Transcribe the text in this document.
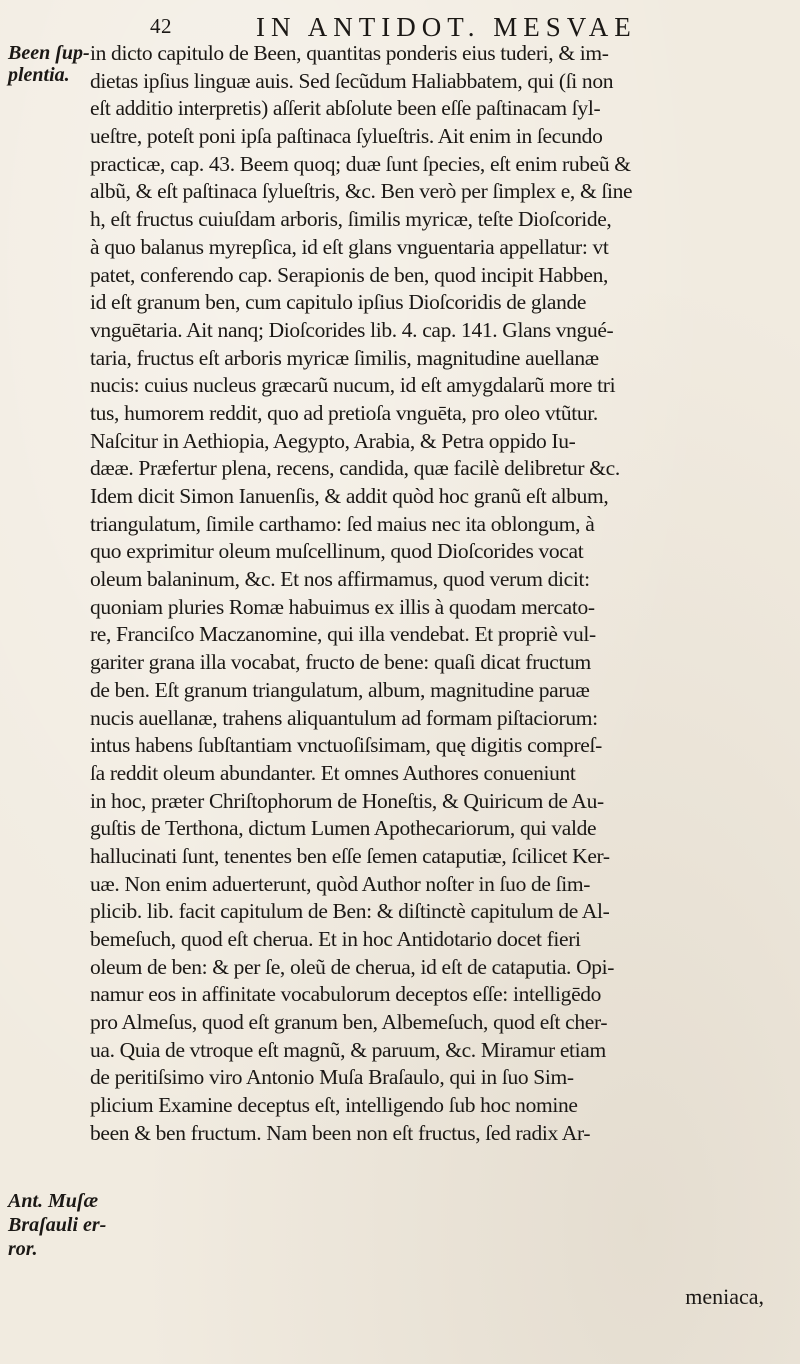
42	IN ANTIDOT. MESVAE
Been ſup-
plentia.
Ant. Muſæ
Braſauli er-
ror.
in dicto capitulo de Been, quantitas ponderis eius tuderi, & im-
dietas ipſius linguæ auis. Sed ſecũdum Haliabbatem, qui (ſi non
eſt additio interpretis) aſſerit abſolute been eſſe paſtinacam ſyl-
ueſtre, poteſt poni ipſa paſtinaca ſylueſtris. Ait enim in ſecundo
practicæ, cap. 43. Beem quoq; duæ ſunt ſpecies, eſt enim rubeũ &
albũ, & eſt paſtinaca ſylueſtris, &c. Ben verò per ſimplex e, & ſine
h, eſt fructus cuiuſdam arboris, ſimilis myricæ, teſte Dioſcoride,
à quo balanus myrepſica, id eſt glans vnguentaria appellatur: vt
patet, conferendo cap. Serapionis de ben, quod incipit Habben,
id eſt granum ben, cum capitulo ipſius Dioſcoridis de glande
vnguētaria. Ait nanq; Dioſcorides lib. 4. cap. 141. Glans vngué-
taria, fructus eſt arboris myricæ ſimilis, magnitudine auellanæ
nucis: cuius nucleus græcarũ nucum, id eſt amygdalarũ more tri
tus, humorem reddit, quo ad pretioſa vnguēta, pro oleo vtũtur.
Naſcitur in Aethiopia, Aegypto, Arabia, & Petra oppido Iu-
dææ. Præfertur plena, recens, candida, quæ facilè delibretur &c.
Idem dicit Simon Ianuenſis, & addit quòd hoc granũ eſt album,
triangulatum, ſimile carthamo: ſed maius nec ita oblongum, à
quo exprimitur oleum muſcellinum, quod Dioſcorides vocat
oleum balaninum, &c. Et nos affirmamus, quod verum dicit:
quoniam pluries Romæ habuimus ex illis à quodam mercato-
re, Franciſco Maczanomine, qui illa vendebat. Et propriè vul-
gariter grana illa vocabat, fructo de bene: quaſi dicat fructum
de ben. Eſt granum triangulatum, album, magnitudine paruæ
nucis auellanæ, trahens aliquantulum ad formam piſtaciorum:
intus habens ſubſtantiam vnctuoſiſsimam, quę digitis compreſ-
ſa reddit oleum abundanter. Et omnes Authores conueniunt
in hoc, præter Chriſtophorum de Honeſtis, & Quiricum de Au-
guſtis de Terthona, dictum Lumen Apothecariorum, qui valde
hallucinati ſunt, tenentes ben eſſe ſemen cataputiæ, ſcilicet Ker-
uæ. Non enim aduerterunt, quòd Author noſter in ſuo de ſim-
plicib. lib. facit capitulum de Ben: & diſtinctè capitulum de Al-
bemeſuch, quod eſt cherua. Et in hoc Antidotario docet fieri
oleum de ben: & per ſe, oleũ de cherua, id eſt de cataputia. Opi-
namur eos in affinitate vocabulorum deceptos eſſe: intelligēdo
pro Almeſus, quod eſt granum ben, Albemeſuch, quod eſt cher-
ua. Quia de vtroque eſt magnũ, & paruum, &c. Miramur etiam
de peritiſsimo viro Antonio Muſa Braſaulo, qui in ſuo Sim-
plicium Examine deceptus eſt, intelligendo ſub hoc nomine
been & ben fructum. Nam been non eſt fructus, ſed radix Ar-
meniaca,
